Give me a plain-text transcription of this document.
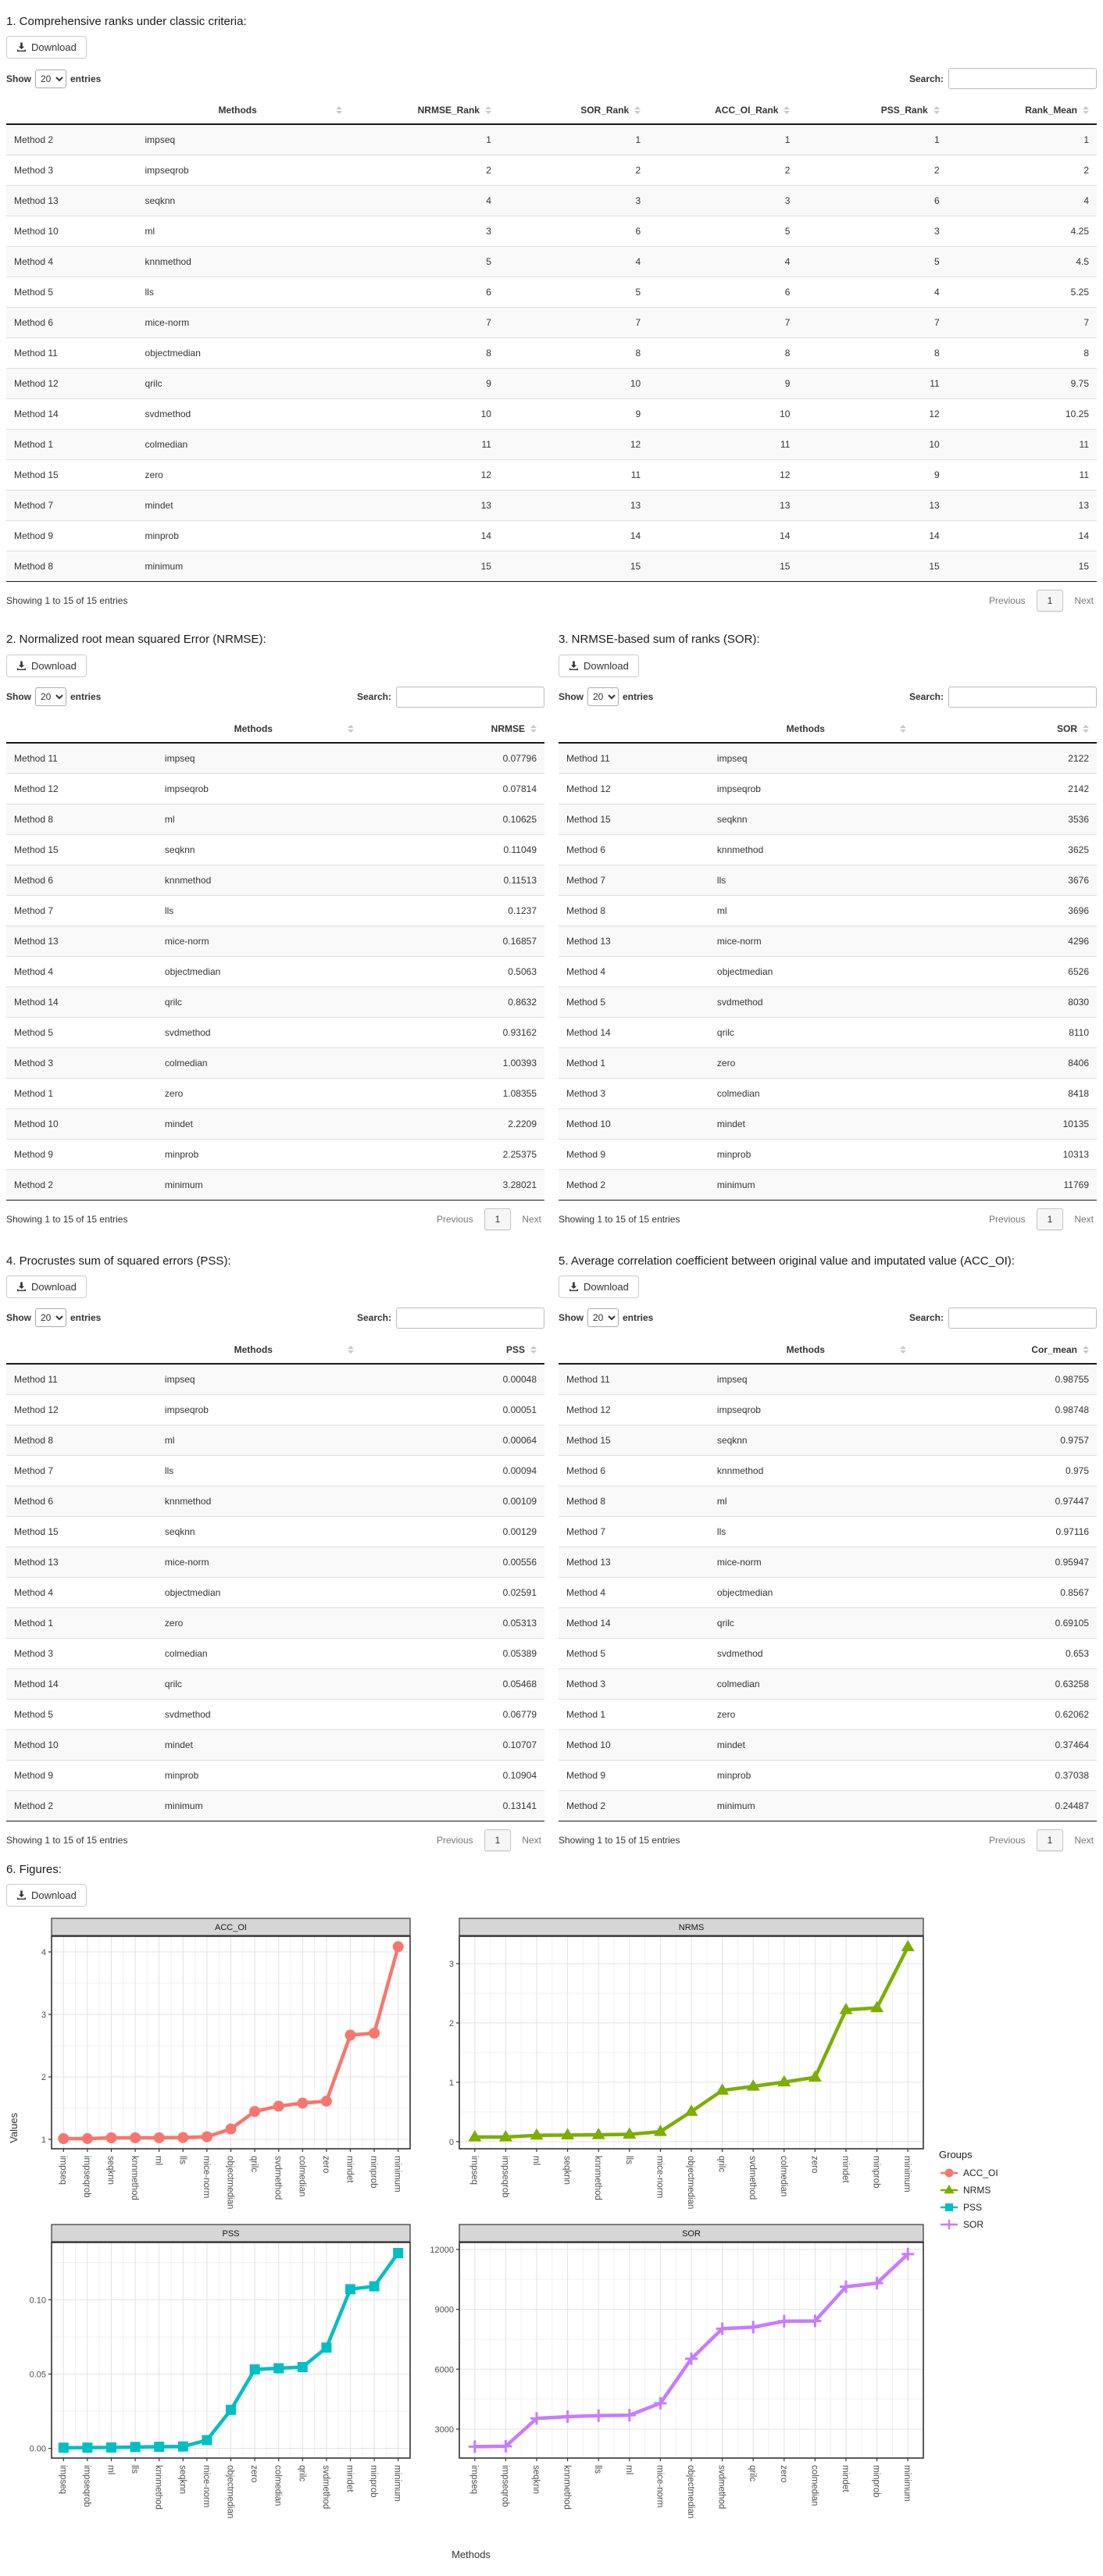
1. Comprehensive ranks under classic criteria:
Download
Show
20	entries	Search:

	Methods	NRMSE_Rank	SOR_Rank	ACC_OI_Rank	PSS_Rank	Rank_Mean

Method 2	impseq	1	1	1	1	1
Method 3	impseqrob	2	2	2	2	2
Method 13	seqknn	4	3	3	6	4
Method 10	ml	3	6	5	3	4.25
Method 4	knnmethod	5	4	4	5	4.5
Method 5	lls	6	5	6	4	5.25
Method 6	mice-norm	7	7	7	7	7
Method 11	objectmedian	8	8	8	8	8
Method 12	qrilc	9	10	9	11	9.75
Method 14	svdmethod	10	9	10	12	10.25
Method 1	colmedian	11	12	11	10	11
Method 15	zero	12	11	12	9	11
Method 7	mindet	13	13	13	13	13
Method 9	minprob	14	14	14	14	14
Method 8	minimum	15	15	15	15	15
Showing 1 to 15 of 15 entries	Previous	1	Next
2. Normalized root mean squared Error (NRMSE):
Download
Show
20	entries	Search:

	Methods	NRMSE

Method 11	impseq	0.07796
Method 12	impseqrob	0.07814
Method 8	ml	0.10625
Method 15	seqknn	0.11049
Method 6	knnmethod	0.11513
Method 7	lls	0.1237
Method 13	mice-norm	0.16857
Method 4	objectmedian	0.5063
Method 14	qrilc	0.8632
Method 5	svdmethod	0.93162
Method 3	colmedian	1.00393
Method 1	zero	1.08355
Method 10	mindet	2.2209
Method 9	minprob	2.25375
Method 2	minimum	3.28021
Showing 1 to 15 of 15 entries	Previous	1	Next
3. NRMSE-based sum of ranks (SOR):
Download
Show
20	entries	Search:

	Methods	SOR

Method 11	impseq	2122
Method 12	impseqrob	2142
Method 15	seqknn	3536
Method 6	knnmethod	3625
Method 7	lls	3676
Method 8	ml	3696
Method 13	mice-norm	4296
Method 4	objectmedian	6526
Method 5	svdmethod	8030
Method 14	qrilc	8110
Method 1	zero	8406
Method 3	colmedian	8418
Method 10	mindet	10135
Method 9	minprob	10313
Method 2	minimum	11769
Showing 1 to 15 of 15 entries	Previous	1	Next
4. Procrustes sum of squared errors (PSS):
Download
Show
20	entries	Search:

	Methods	PSS

Method 11	impseq	0.00048
Method 12	impseqrob	0.00051
Method 8	ml	0.00064
Method 7	lls	0.00094
Method 6	knnmethod	0.00109
Method 15	seqknn	0.00129
Method 13	mice-norm	0.00556
Method 4	objectmedian	0.02591
Method 1	zero	0.05313
Method 3	colmedian	0.05389
Method 14	qrilc	0.05468
Method 5	svdmethod	0.06779
Method 10	mindet	0.10707
Method 9	minprob	0.10904
Method 2	minimum	0.13141
Showing 1 to 15 of 15 entries	Previous	1	Next
5. Average correlation coefficient between original value and imputated value (ACC_OI):
Download
Show
20	entries	Search:

	Methods	Cor_mean

Method 11	impseq	0.98755
Method 12	impseqrob	0.98748
Method 15	seqknn	0.9757
Method 6	knnmethod	0.975
Method 8	ml	0.97447
Method 7	lls	0.97116
Method 13	mice-norm	0.95947
Method 4	objectmedian	0.8567
Method 14	qrilc	0.69105
Method 5	svdmethod	0.653
Method 3	colmedian	0.63258
Method 1	zero	0.62062
Method 10	mindet	0.37464
Method 9	minprob	0.37038
Method 2	minimum	0.24487
Showing 1 to 15 of 15 entries	Previous	1	Next
6. Figures:
Download
ACC_OI
1
2
3
4
impseq impseqrob seqknn knnmethod ml lls mice-norm objectmedian qrilc svdmethod colmedian zero mindet minprob minimum
NRMS
0
1
2
3
impseq impseqrob ml seqknn knnmethod lls mice-norm objectmedian qrilc svdmethod colmedian zero mindet minprob minimum
PSS
0.00
0.05
0.10
impseq impseqrob ml lls knnmethod seqknn mice-norm objectmedian zero colmedian qrilc svdmethod mindet minprob minimum
SOR
3000
6000
9000
12000
impseq impseqrob seqknn knnmethod lls ml mice-norm objectmedian svdmethod qrilc zero colmedian mindet minprob minimum
Values
Methods
Groups
ACC_OI
NRMS
PSS
SOR
